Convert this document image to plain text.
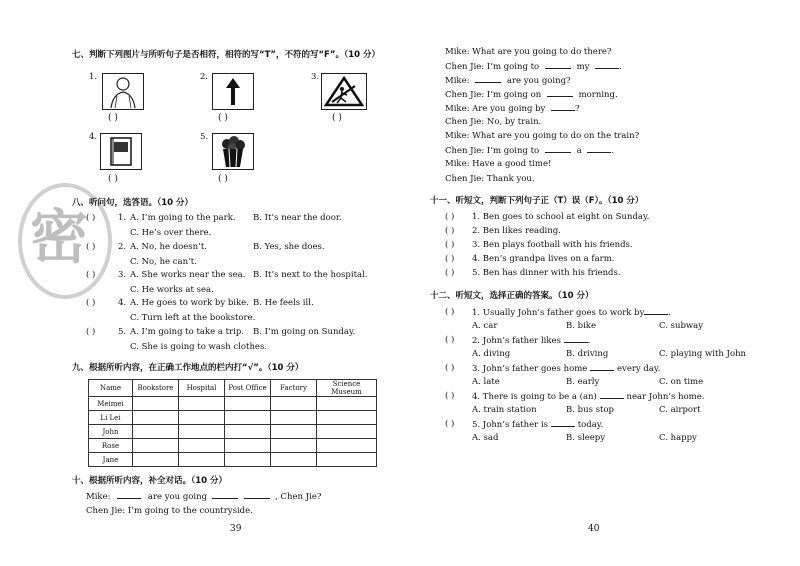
密
七、判断下列图片与所听句子是否相符，相符的写“T”，不符的写“F”。（10 分）
1.
( )
2.
( )
3.
( )
4.
( )
5.
( )
八、听问句，选答语。（10 分）
( )	1. A. I’m going to the park. B. It’s near the door.
C. He’s over there.
( )	2. A. No, he doesn’t.	B. Yes, she does.
C. No, he can’t.
( )	3. A. She works near the sea. B. It’s next to the hospital.
C. He works at sea.
( )	4. A. He goes to work by bike. B. He feels ill.
C. Turn left at the bookstore.
( )	5. A. I’m going to take a trip. B. I’m going on Sunday.
C. She is going to wash clothes.
九、根据所听内容，在正确工作地点的栏内打“√”。（10 分）
Name	Bookstore	Hospital	Post Office	Factory	Science Museum
Meimei					
Li Lei					
John					
Rose					
Jane					
十、根据所听内容，补全对话。（10 分）
Mike:	are you going	, Chen Jie?
Chen Jie: I’m going to the countryside.
39
Mike: What are you going to do there?
Chen Jie: I’m going to	my	.
Mike:	are you going?
Chen Jie: I’m going on	morning.
Mike: Are you going by	?
Chen Jie: No, by train.
Mike: What are you going to do on the train?
Chen Jie: I’m going to	a	.
Mike: Have a good time!
Chen Jie: Thank you.
十一、听短文，判断下列句子正（T）误（F）。（10 分）
( ) 1. Ben goes to school at eight on Sunday.
( ) 2. Ben likes reading.
( ) 3. Ben plays football with his friends.
( ) 4. Ben’s grandpa lives on a farm.
( ) 5. Ben has dinner with his friends.
十二、听短文，选择正确的答案。（10 分）
( ) 1. Usually John’s father goes to work by	.
A. car	B. bike	C. subway
( ) 2. John’s father likes	.
A. diving	B. driving	C. playing with John
( ) 3. John’s father goes home	every day.
A. late	B. early	C. on time
( ) 4. There is going to be a (an)	near John’s home.
A. train station	B. bus stop	C. airport
( ) 5. John’s father is	today.
A. sad	B. sleepy	C. happy
40
